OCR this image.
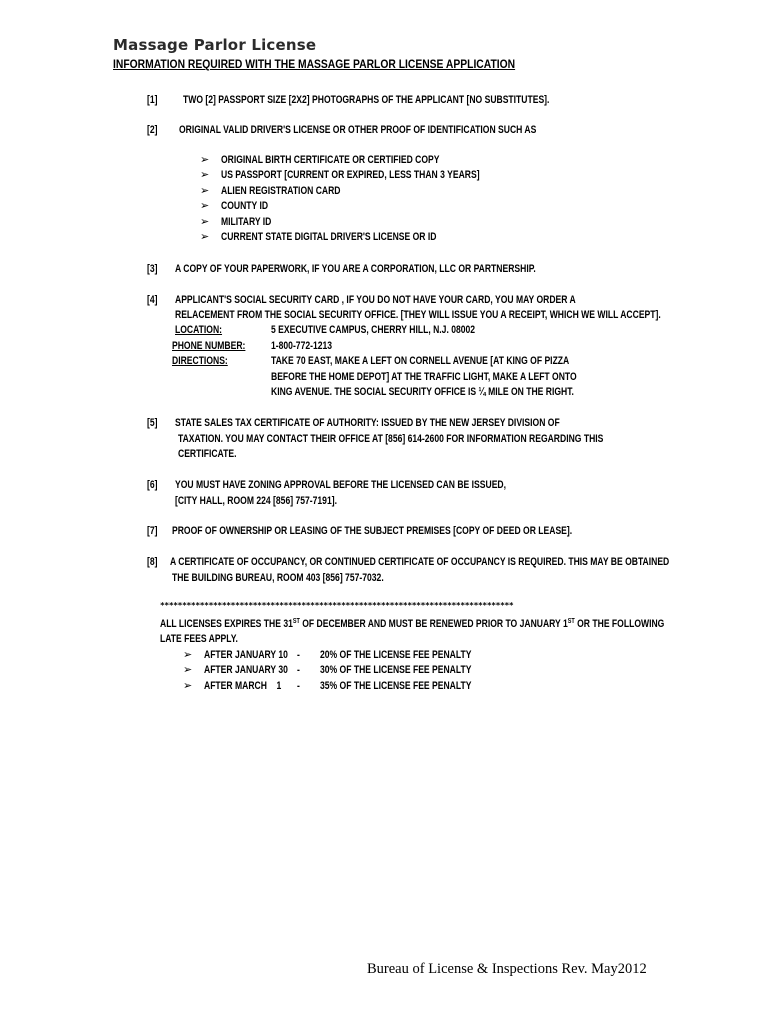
Massage Parlor License
INFORMATION REQUIRED WITH THE MASSAGE PARLOR LICENSE APPLICATION
[1] TWO [2] PASSPORT SIZE [2X2] PHOTOGRAPHS OF THE APPLICANT [NO SUBSTITUTES].
[2] ORIGINAL VALID DRIVER'S LICENSE OR OTHER PROOF OF IDENTIFICATION SUCH AS
➢ ORIGINAL BIRTH CERTIFICATE OR CERTIFIED COPY
➢ US PASSPORT [CURRENT OR EXPIRED, LESS THAN 3 YEARS]
➢ ALIEN REGISTRATION CARD
➢ COUNTY ID
➢ MILITARY ID
➢ CURRENT STATE DIGITAL DRIVER'S LICENSE OR ID
[3] A COPY OF YOUR PAPERWORK, IF YOU ARE A CORPORATION, LLC OR PARTNERSHIP.
[4] APPLICANT'S SOCIAL SECURITY CARD , IF YOU DO NOT HAVE YOUR CARD, YOU MAY ORDER A
RELACEMENT FROM THE SOCIAL SECURITY OFFICE. [THEY WILL ISSUE YOU A RECEIPT, WHICH WE WILL ACCEPT].
LOCATION:	5 EXECUTIVE CAMPUS, CHERRY HILL, N.J. 08002
PHONE NUMBER: 1-800-772-1213
DIRECTIONS:	TAKE 70 EAST, MAKE A LEFT ON CORNELL AVENUE [AT KING OF PIZZA
BEFORE THE HOME DEPOT] AT THE TRAFFIC LIGHT, MAKE A LEFT ONTO
KING AVENUE. THE SOCIAL SECURITY OFFICE IS ¼ MILE ON THE RIGHT.
[5] STATE SALES TAX CERTIFICATE OF AUTHORITY: ISSUED BY THE NEW JERSEY DIVISION OF
TAXATION. YOU MAY CONTACT THEIR OFFICE AT [856] 614-2600 FOR INFORMATION REGARDING THIS
CERTIFICATE.
[6] YOU MUST HAVE ZONING APPROVAL BEFORE THE LICENSED CAN BE ISSUED,
[CITY HALL, ROOM 224 [856] 757-7191].
[7] PROOF OF OWNERSHIP OR LEASING OF THE SUBJECT PREMISES [COPY OF DEED OR LEASE].
[8] A CERTIFICATE OF OCCUPANCY, OR CONTINUED CERTIFICATE OF OCCUPANCY IS REQUIRED. THIS MAY BE OBTAINED
THE BUILDING BUREAU, ROOM 403 [856] 757-7032.
********************************************************************************
ALL LICENSES EXPIRES THE 31ST OF DECEMBER AND MUST BE RENEWED PRIOR TO JANUARY 1ST OR THE FOLLOWING
LATE FEES APPLY.
➢ AFTER JANUARY 10 - 20% OF THE LICENSE FEE PENALTY
➢ AFTER JANUARY 30 - 30% OF THE LICENSE FEE PENALTY
➢ AFTER MARCH    1 - 35% OF THE LICENSE FEE PENALTY
Bureau of License & Inspections Rev. May2012
